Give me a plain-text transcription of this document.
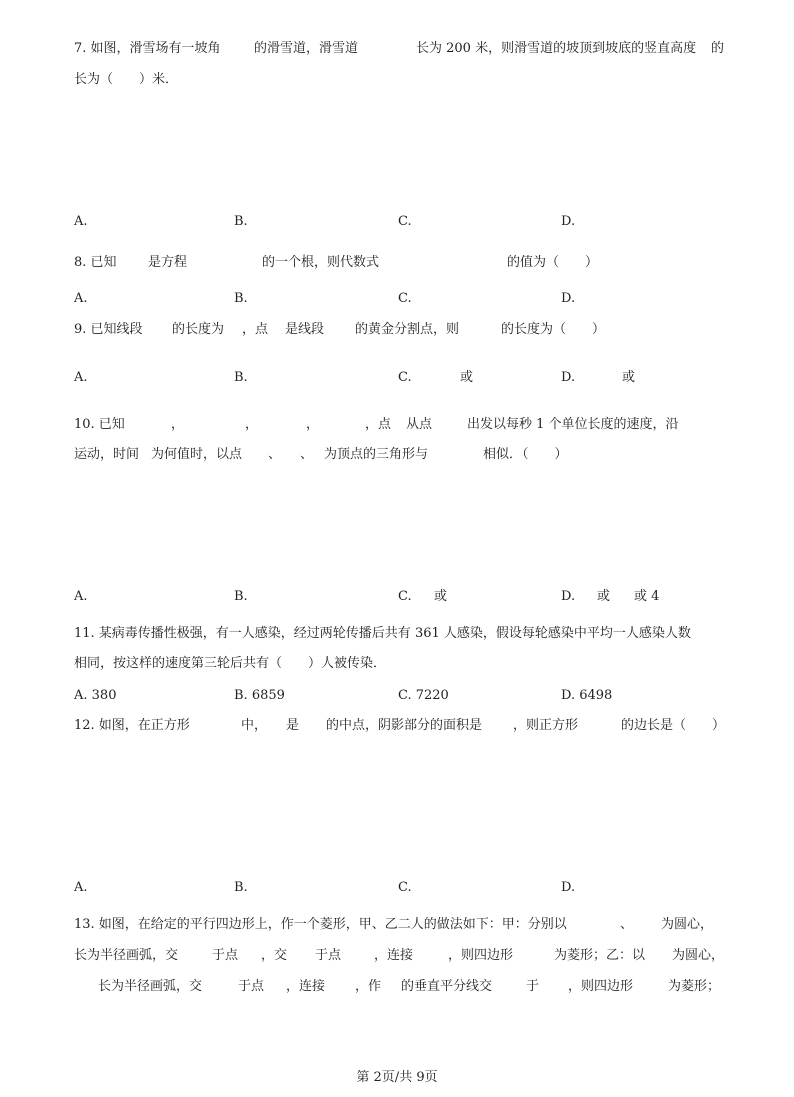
7. 如图，滑雪场有一坡角	的滑雪道，滑雪道	长为 200 米，则滑雪道的坡顶到坡底的竖直高度 的
长为（　　）米．
A.	B.	C.	D.
8. 已知 是方程	的一个根，则代数式	的值为（　　）
A.	B.	C.	D.
9. 已知线段 的长度为 ，点 是线段 的黄金分割点，则	的长度为（　　）
A.	B.	C.	或	D.	或
10. 已知	，	，	，	，点 从点	出发以每秒 1 个单位长度的速度，沿
运动，时间 为何值时，以点 、 、 为顶点的三角形与	相似．（　　）
A.	B.	C. 或	D. 或 或 4
11. 某病毒传播性极强，有一人感染，经过两轮传播后共有 361 人感染，假设每轮感染中平均一人感染人数
相同，按这样的速度第三轮后共有（　　）人被传染．
A. 380	B. 6859	C. 7220	D. 6498
12. 如图，在正方形	中， 是 的中点，阴影部分的面积是 ，则正方形	的边长是（　　）
A.	B.	C.	D.
13. 如图，在给定的平行四边形上，作一个菱形，甲、乙二人的做法如下：甲：分别以	、 为圆心，
长为半径画弧，交	于点 ，交 于点	，连接	，则四边形	为菱形；乙：以 为圆心，
长为半径画弧，交	于点 ，连接 ，作 的垂直平分线交	于 ，则四边形	为菱形；
第 2页/共 9页
